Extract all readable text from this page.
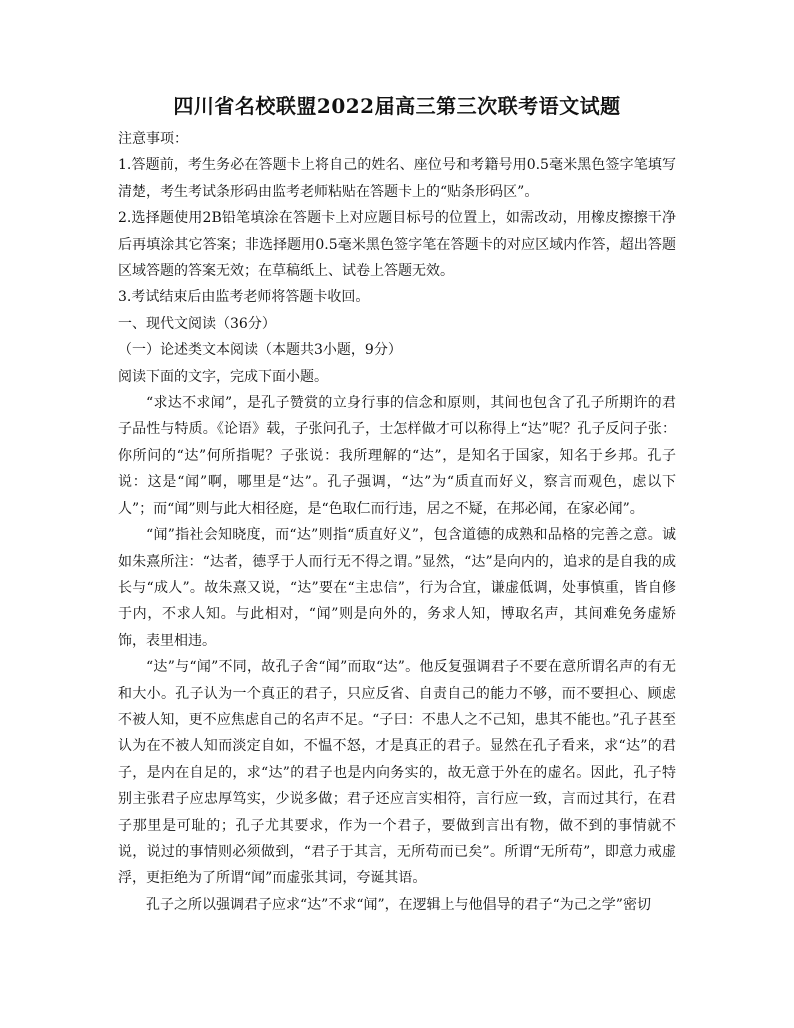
四川省名校联盟2022届高三第三次联考语文试题

注意事项：

1.答题前，考生务必在答题卡上将自己的姓名、座位号和考籍号用0.5毫米黑色签字笔填写清楚，考生考试条形码由监考老师粘贴在答题卡上的“贴条形码区”。

2.选择题使用2B铅笔填涂在答题卡上对应题目标号的位置上，如需改动，用橡皮擦擦干净后再填涂其它答案；非选择题用0.5毫米黑色签字笔在答题卡的对应区域内作答，超出答题区域答题的答案无效；在草稿纸上、试卷上答题无效。

3.考试结束后由监考老师将答题卡收回。

一、现代文阅读（36分）

（一）论述类文本阅读（本题共3小题，9分）

阅读下面的文字，完成下面小题。

“求达不求闻”，是孔子赞赏的立身行事的信念和原则，其间也包含了孔子所期许的君子品性与特质。《论语》载，子张问孔子，士怎样做才可以称得上“达”呢？孔子反问子张：你所问的“达”何所指呢？子张说：我所理解的“达”，是知名于国家，知名于乡邦。孔子说：这是“闻”啊，哪里是“达”。孔子强调，“达”为“质直而好义，察言而观色，虑以下人”；而“闻”则与此大相径庭，是“色取仁而行违，居之不疑，在邦必闻，在家必闻”。

“闻”指社会知晓度，而“达”则指“质直好义”，包含道德的成熟和品格的完善之意。诚如朱熹所注：“达者，德孚于人而行无不得之谓。”显然，“达”是向内的，追求的是自我的成长与“成人”。故朱熹又说，“达”要在“主忠信”，行为合宜，谦虚低调，处事慎重，皆自修于内，不求人知。与此相对，“闻”则是向外的，务求人知，博取名声，其间难免务虚矫饰，表里相违。

“达”与“闻”不同，故孔子舍“闻”而取“达”。他反复强调君子不要在意所谓名声的有无和大小。孔子认为一个真正的君子，只应反省、自责自己的能力不够，而不要担心、顾虑不被人知，更不应焦虑自己的名声不足。“子曰：不患人之不己知，患其不能也。”孔子甚至认为在不被人知而淡定自如，不愠不怒，才是真正的君子。显然在孔子看来，求“达”的君子，是内在自足的，求“达”的君子也是内向务实的，故无意于外在的虚名。因此，孔子特别主张君子应忠厚笃实，少说多做；君子还应言实相符，言行应一致，言而过其行，在君子那里是可耻的；孔子尤其要求，作为一个君子，要做到言出有物，做不到的事情就不说，说过的事情则必须做到，“君子于其言，无所苟而已矣”。所谓“无所苟”，即意力戒虚浮，更拒绝为了所谓“闻”而虚张其词，夸诞其语。

孔子之所以强调君子应求“达”不求“闻”，在逻辑上与他倡导的君子“为己之学”密切
